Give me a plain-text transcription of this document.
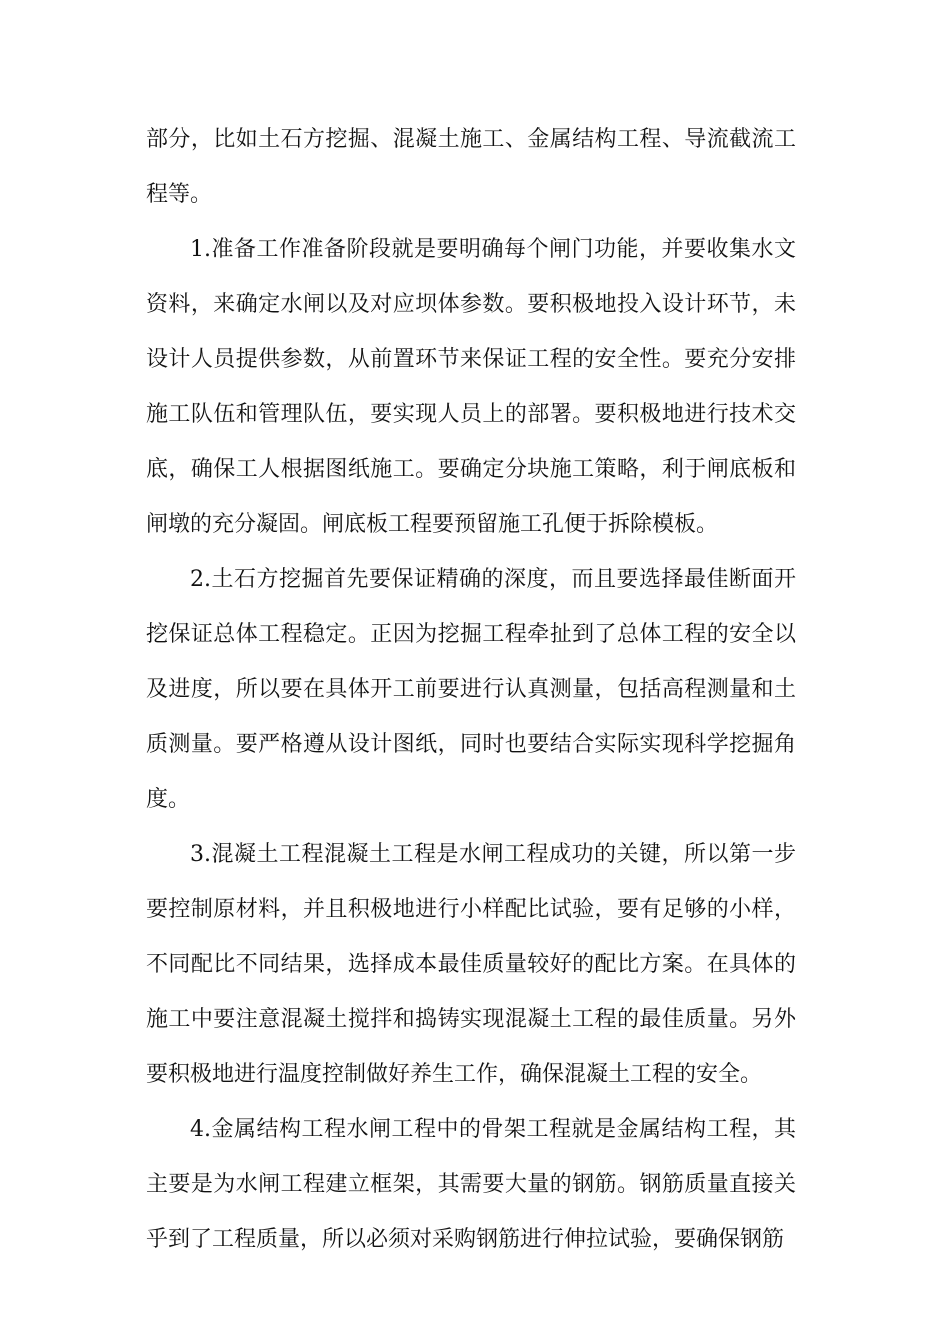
部分，比如土石方挖掘、混凝土施工、金属结构工程、导流截流工程等。

1.准备工作准备阶段就是要明确每个闸门功能，并要收集水文资料，来确定水闸以及对应坝体参数。要积极地投入设计环节，未设计人员提供参数，从前置环节来保证工程的安全性。要充分安排施工队伍和管理队伍，要实现人员上的部署。要积极地进行技术交底，确保工人根据图纸施工。要确定分块施工策略，利于闸底板和闸墩的充分凝固。闸底板工程要预留施工孔便于拆除模板。

2.土石方挖掘首先要保证精确的深度，而且要选择最佳断面开挖保证总体工程稳定。正因为挖掘工程牵扯到了总体工程的安全以及进度，所以要在具体开工前要进行认真测量，包括高程测量和土质测量。要严格遵从设计图纸，同时也要结合实际实现科学挖掘角度。

3.混凝土工程混凝土工程是水闸工程成功的关键，所以第一步要控制原材料，并且积极地进行小样配比试验，要有足够的小样，不同配比不同结果，选择成本最佳质量较好的配比方案。在具体的施工中要注意混凝土搅拌和捣铸实现混凝土工程的最佳质量。另外要积极地进行温度控制做好养生工作，确保混凝土工程的安全。

4.金属结构工程水闸工程中的骨架工程就是金属结构工程，其主要是为水闸工程建立框架，其需要大量的钢筋。钢筋质量直接关乎到了工程质量，所以必须对采购钢筋进行伸拉试验，要确保钢筋
